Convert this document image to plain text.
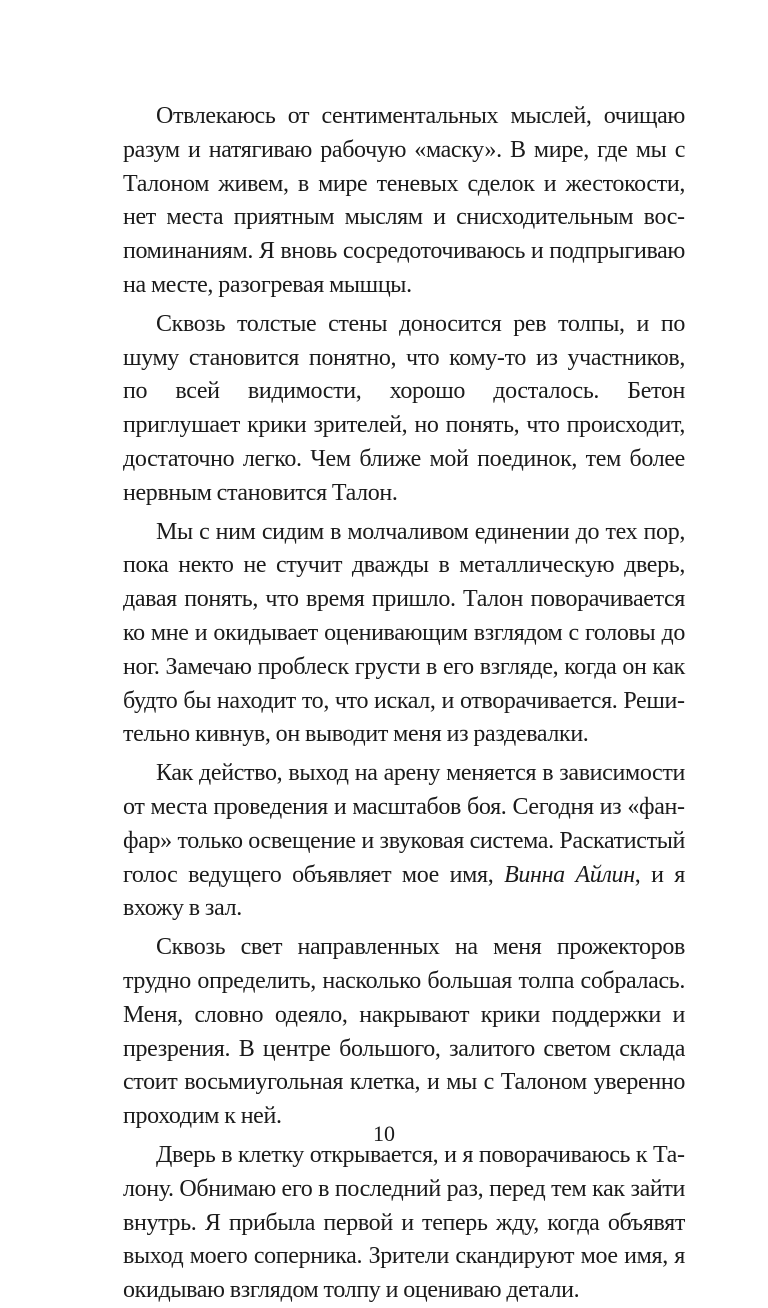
Отвлекаюсь от сентиментальных мыслей, очищаю разум и натягиваю рабочую «маску». В мире, где мы с Талоном живем, в мире теневых сделок и жестокости, нет места приятным мыслям и снисходительным воспоминаниям. Я вновь сосредоточиваюсь и подпрыгиваю на месте, разогревая мышцы.

Сквозь толстые стены доносится рев толпы, и по шуму становится понятно, что кому-то из участников, по всей видимости, хорошо досталось. Бетон приглушает крики зрителей, но понять, что происходит, достаточно легко. Чем ближе мой поединок, тем более нервным становится Талон.

Мы с ним сидим в молчаливом единении до тех пор, пока некто не стучит дважды в металлическую дверь, давая понять, что время пришло. Талон поворачивается ко мне и окидывает оценивающим взглядом с головы до ног. Замечаю проблеск грусти в его взгляде, когда он как будто бы находит то, что искал, и отворачивается. Решительно кивнув, он выводит меня из раздевалки.

Как действо, выход на арену меняется в зависимости от места проведения и масштабов боя. Сегодня из «фанфар» только освещение и звуковая система. Раскатистый голос ведущего объявляет мое имя, Винна Айлин, и я вхожу в зал.

Сквозь свет направленных на меня прожекторов трудно определить, насколько большая толпа собралась. Меня, словно одеяло, накрывают крики поддержки и презрения. В центре большого, залитого светом склада стоит восьмиугольная клетка, и мы с Талоном уверенно проходим к ней.

Дверь в клетку открывается, и я поворачиваюсь к Талону. Обнимаю его в последний раз, перед тем как зайти внутрь. Я прибыла первой и теперь жду, когда объявят выход моего соперника. Зрители скандируют мое имя, я окидываю взглядом толпу и оцениваю детали.

10
